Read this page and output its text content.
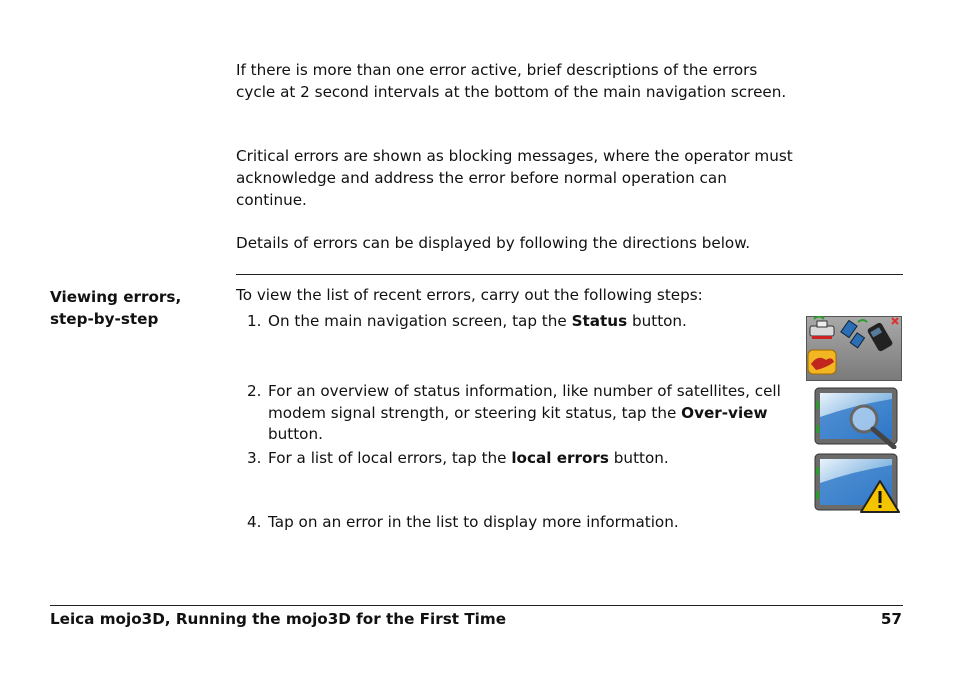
If there is more than one error active, brief descriptions of the errors cycle at 2 second intervals at the bottom of the main navigation screen.

Critical errors are shown as blocking messages, where the operator must acknowledge and address the error before normal operation can continue.

Details of errors can be displayed by following the directions below.

Viewing errors,
step-by-step
To view the list of recent errors, carry out the following steps:
1. On the main navigation screen, tap the Status button.
2. For an overview of status information, like number of satellites, cell modem signal strength, or steering kit status, tap the Over-view button.
3. For a list of local errors, tap the local errors button.
4. Tap on an error in the list to display more information.
Leica mojo3D, Running the mojo3D for the First Time	57
